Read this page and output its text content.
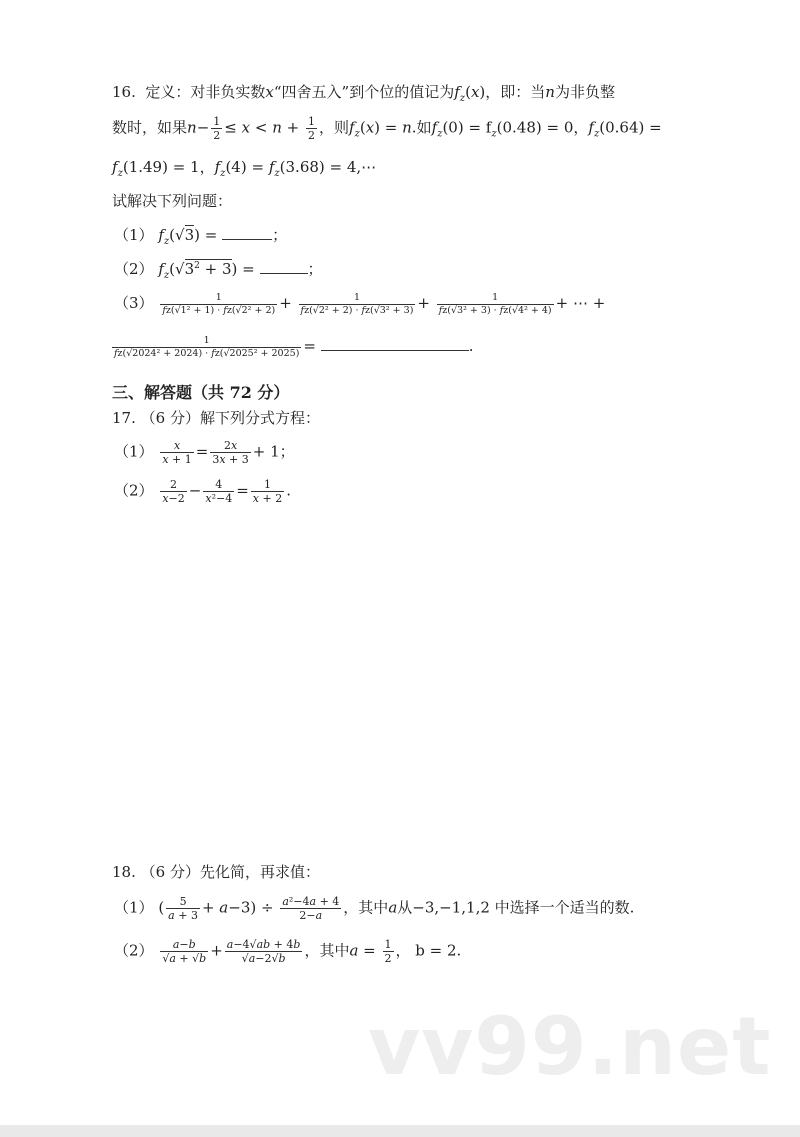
16. 定义：对非负实数x“四舍五入”到个位的值记为$f_z(x)$，即：当n为非负整
数时，如果$n- \frac{1}{2} \le x < n + \frac{1}{2}$ ，则$f_z(x) = n$.如$f_z(0) = f_z(0.48) = 0$，$f_z(0.64)$ =
$f_z(1.49) = 1$，$f_z(4) = f_z(3.68)$ = 4,⋯
试解决下列问题：
（1） $f_z(√3)$ =	；
（2） $f_z(√3^2 + 3)$ =	；
$(3) \frac{1}{\text{fz(√1² + 1) · fz(√2² + 2)}} + \frac{1}{\text{fz(√2² + 2) · fz(√3² + 3)}} + \frac{1}{\text{fz(√3² + 3) · fz(√4² + 4)}}$ + ⋯ +
$\frac{1}{\text{fz(√2024² + 2024) · fz(√2025² + 2025)}}$ =	.
三、解答题（共 72 分）
17. （6 分）解下列分式方程：
$(1) \frac{x}{x + 1} = \frac{2x}{3x + 3} + 1$；
$(2) \frac{2}{x-2} - \frac{4}{\text{x²−4}} = \frac{1}{x + 2}$ .
18. （6 分）先化简，再求值：
（1） ( $\frac{5}{a + 3} + a-3) \div \frac{\text{a²−4a + 4}}{2-a}$ ，其中a从−3,−1,1,2 中选择一个适当的数.
$(2) \frac{a-b}{√a + √b} + \frac{a-4√ab + 4b}{√a-2√b}$ ，其中$a = \frac{1}{2}$ ， b = 2.
vv99.net
